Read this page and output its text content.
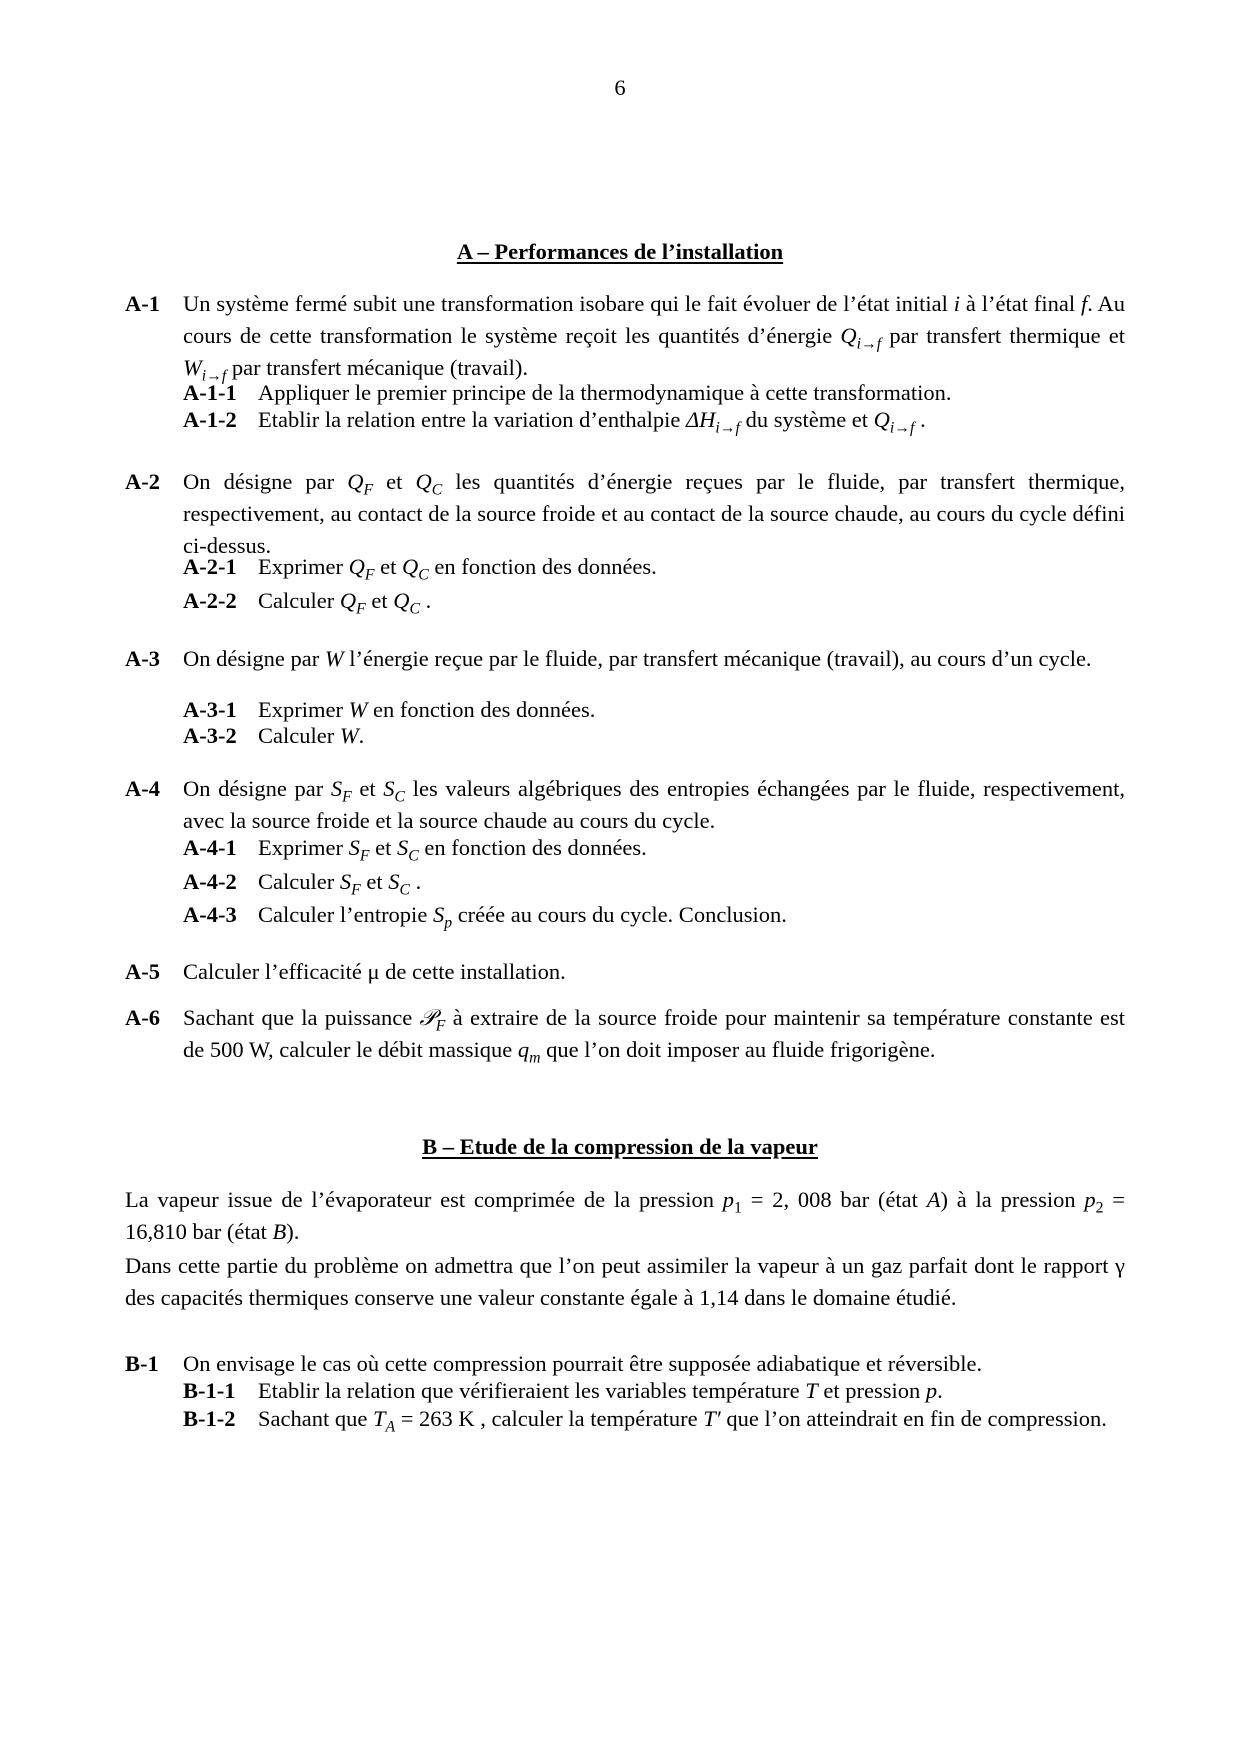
6
A – Performances de l’installation
A-1 Un système fermé subit une transformation isobare qui le fait évoluer de l’état initial i à l’état final f. Au cours de cette transformation le système reçoit les quantités d’énergie $Q_{i\to f}$ par transfert thermique et $W_{i\to f}$ par transfert mécanique (travail).
A-1-1 Appliquer le premier principe de la thermodynamique à cette transformation.
A-1-2 Etablir la relation entre la variation d’enthalpie $\Delta H_{i\to f}$ du système et $Q_{i\to f}$ .
A-2 On désigne par $Q_F$ et $Q_C$ les quantités d’énergie reçues par le fluide, par transfert thermique, respectivement, au contact de la source froide et au contact de la source chaude, au cours du cycle défini ci-dessus.
A-2-1 Exprimer $Q_F$ et $Q_C$ en fonction des données.
A-2-2 Calculer $Q_F$ et $Q_C$ .
A-3 On désigne par W l’énergie reçue par le fluide, par transfert mécanique (travail), au cours d’un cycle.
A-3-1 Exprimer W en fonction des données.
A-3-2 Calculer W.
A-4 On désigne par $S_F$ et $S_C$ les valeurs algébriques des entropies échangées par le fluide, respectivement, avec la source froide et la source chaude au cours du cycle.
A-4-1 Exprimer $S_F$ et $S_C$ en fonction des données.
A-4-2 Calculer $S_F$ et $S_C$ .
A-4-3 Calculer l’entropie $S_p$ créée au cours du cycle. Conclusion.
A-5 Calculer l’efficacité μ de cette installation.
A-6 Sachant que la puissance 𝒫$_F$ à extraire de la source froide pour maintenir sa température constante est de 500 W, calculer le débit massique $q_m$ que l’on doit imposer au fluide frigorigène.
B – Etude de la compression de la vapeur
La vapeur issue de l’évaporateur est comprimée de la pression $p_1 = 2$, 008 bar (état A) à la pression $p_2 = 16,810$ bar (état B).
Dans cette partie du problème on admettra que l’on peut assimiler la vapeur à un gaz parfait dont le rapport γ des capacités thermiques conserve une valeur constante égale à 1,14 dans le domaine étudié.
B-1 On envisage le cas où cette compression pourrait être supposée adiabatique et réversible.
B-1-1 Etablir la relation que vérifieraient les variables température T et pression p.
B-1-2 Sachant que $T_A = 263$ K , calculer la température T′ que l’on atteindrait en fin de compression.
